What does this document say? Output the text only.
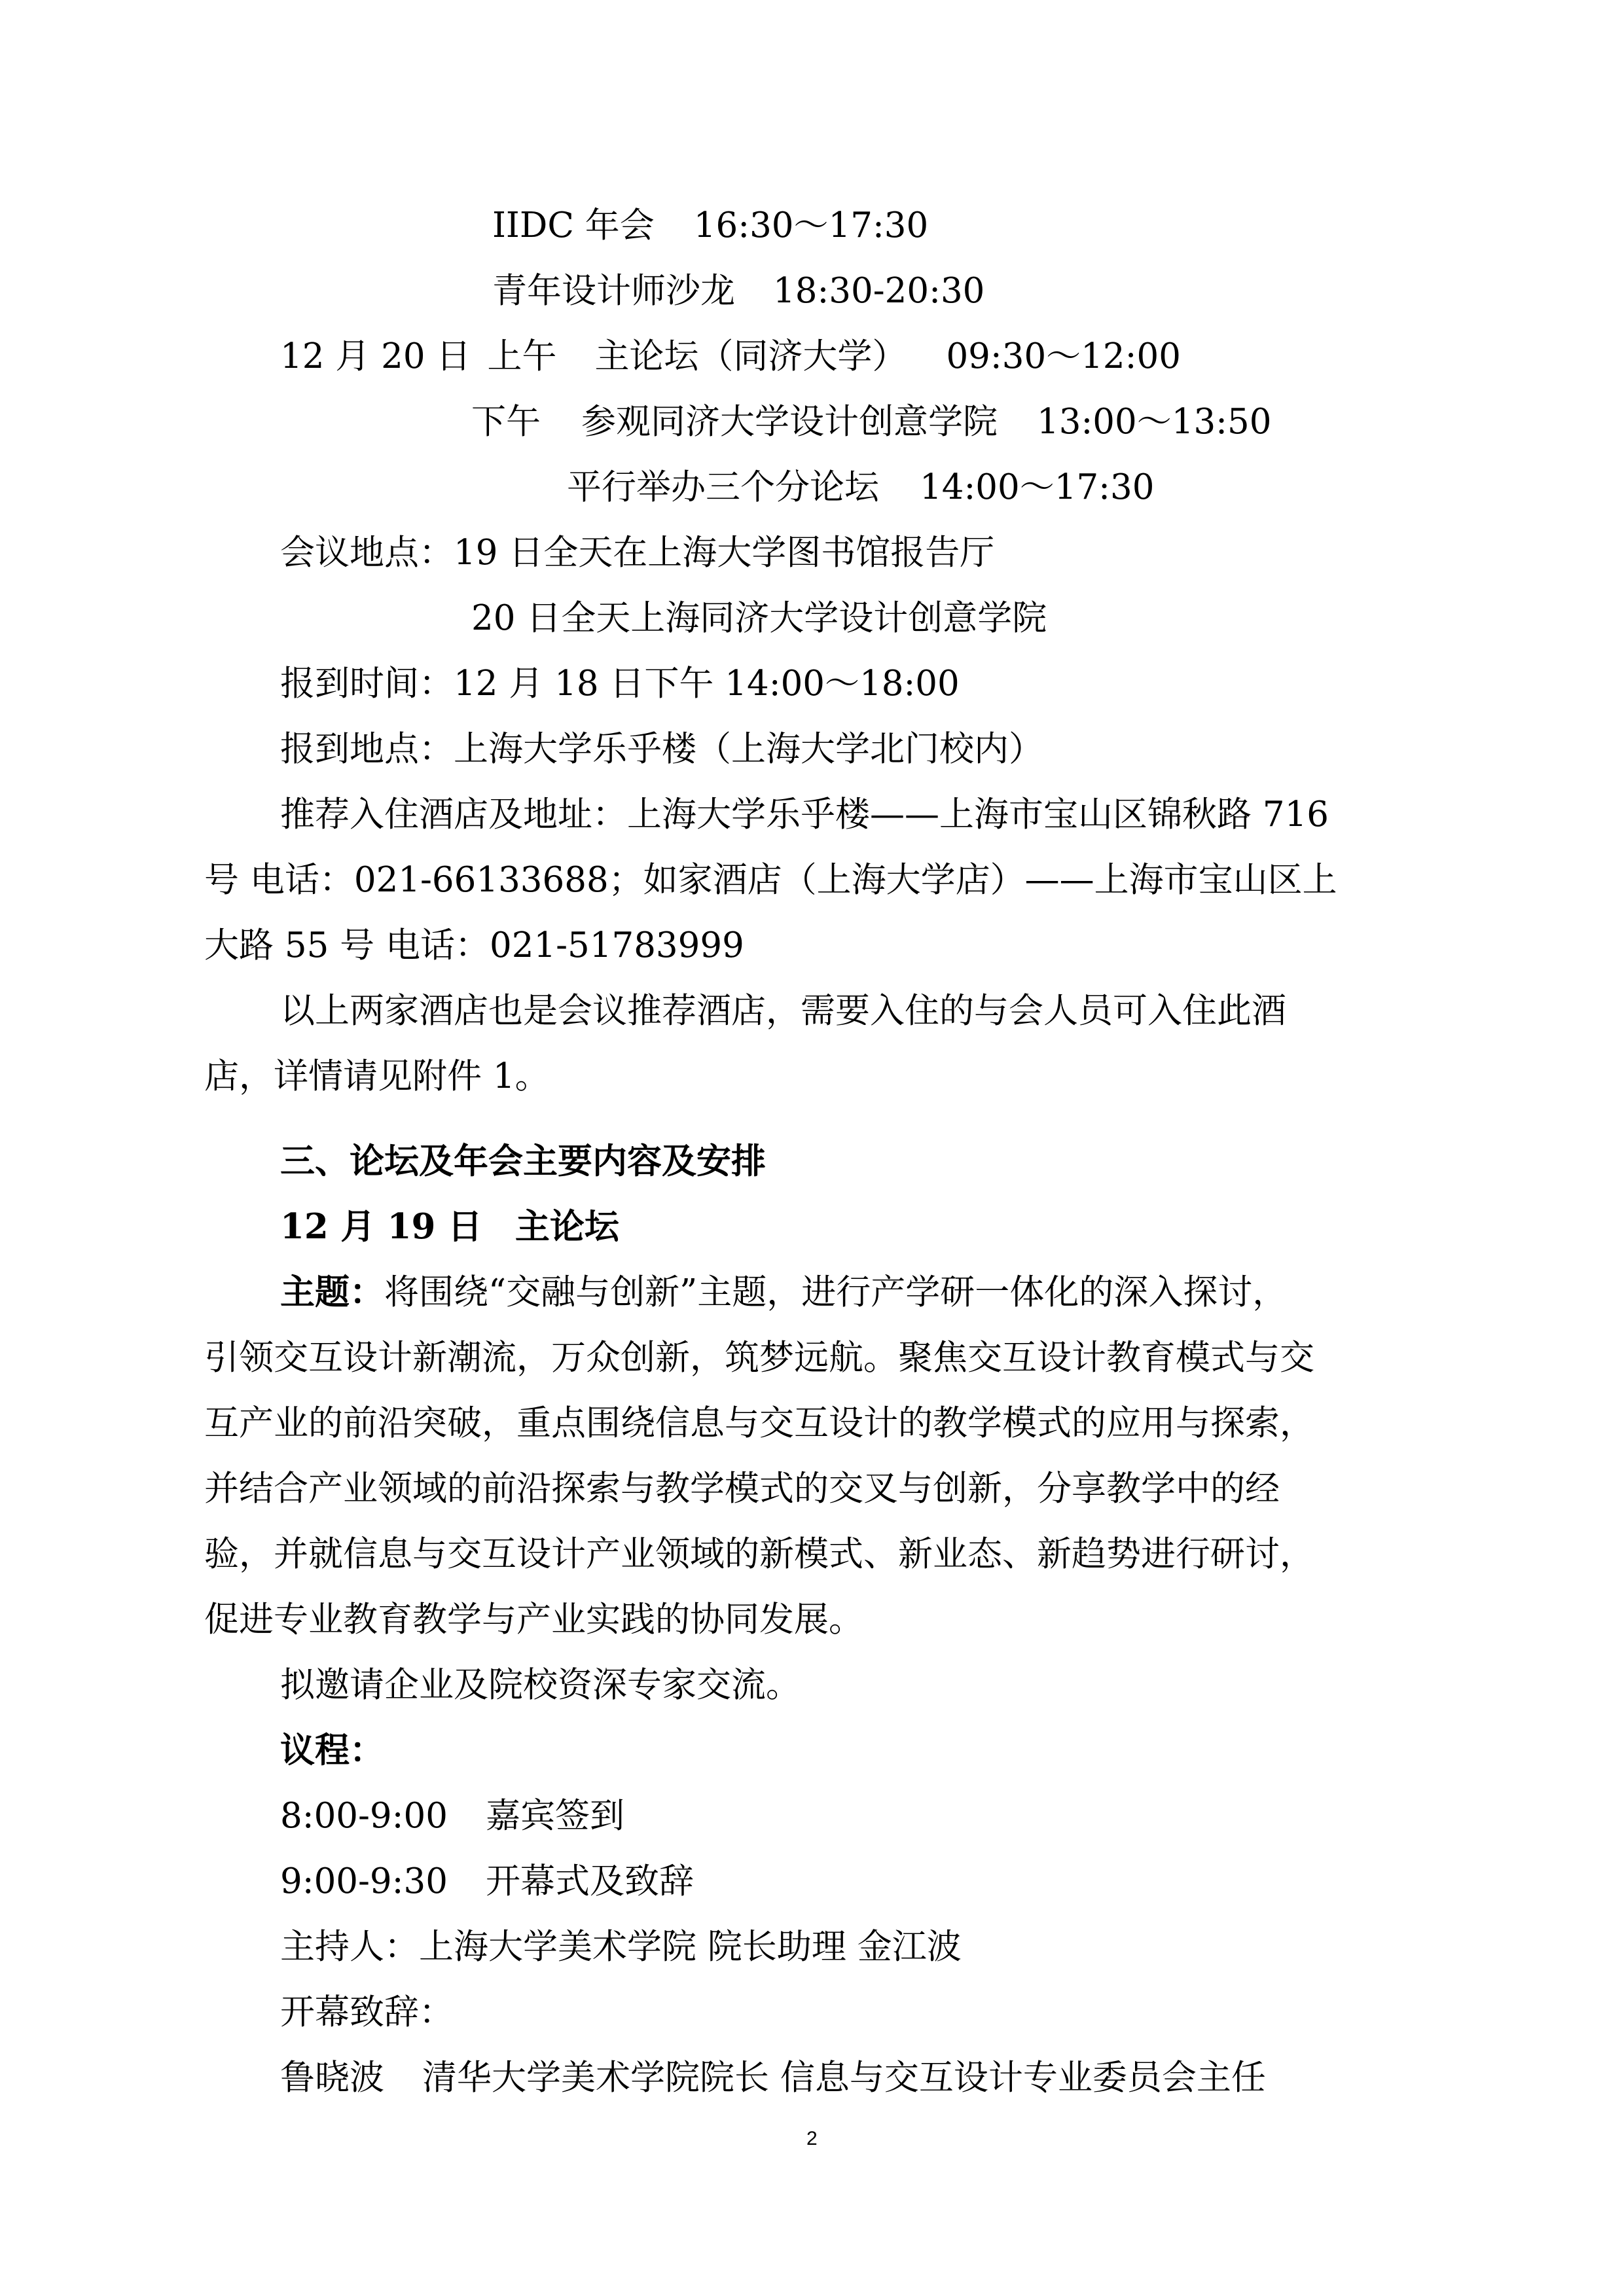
IIDC 年会 16:30～17:30
青年设计师沙龙 18:30-20:30
12 月 20 日 上午 主论坛（同济大学） 09:30～12:00
下午 参观同济大学设计创意学院 13:00～13:50
平行举办三个分论坛 14:00～17:30
会议地点：19 日全天在上海大学图书馆报告厅
20 日全天上海同济大学设计创意学院
报到时间：12 月 18 日下午 14:00～18:00
报到地点：上海大学乐乎楼（上海大学北门校内）
推荐入住酒店及地址：上海大学乐乎楼——上海市宝山区锦秋路 716
号 电话：021-66133688；如家酒店（上海大学店）——上海市宝山区上
大路 55 号 电话：021-51783999
以上两家酒店也是会议推荐酒店，需要入住的与会人员可入住此酒
店，详情请见附件 1。
三、论坛及年会主要内容及安排
12 月 19 日 主论坛
主题：将围绕“交融与创新”主题，进行产学研一体化的深入探讨，
引领交互设计新潮流，万众创新，筑梦远航。聚焦交互设计教育模式与交
互产业的前沿突破，重点围绕信息与交互设计的教学模式的应用与探索，
并结合产业领域的前沿探索与教学模式的交叉与创新，分享教学中的经
验，并就信息与交互设计产业领域的新模式、新业态、新趋势进行研讨，
促进专业教育教学与产业实践的协同发展。
拟邀请企业及院校资深专家交流。
议程：
8:00-9:00 嘉宾签到
9:00-9:30 开幕式及致辞
主持人：上海大学美术学院 院长助理 金江波
开幕致辞：
鲁晓波 清华大学美术学院院长 信息与交互设计专业委员会主任
2
